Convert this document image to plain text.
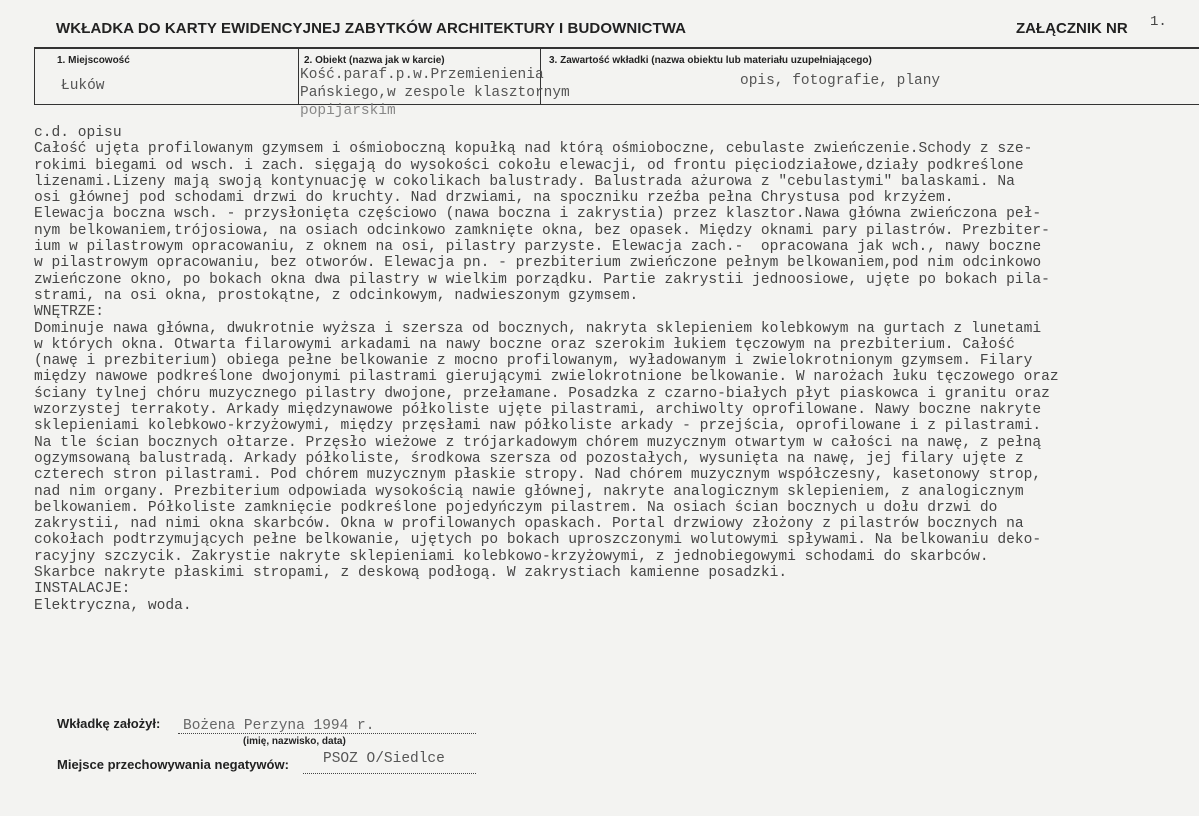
WKŁADKA DO KARTY EWIDENCYJNEJ ZABYTKÓW ARCHITEKTURY I BUDOWNICTWA	ZAŁĄCZNIK NR 1.
1. Miejscowość
Łuków
2. Obiekt (nazwa jak w karcie)
Kość.paraf.p.w.Przemienienia
Pańskiego,w zespole klasztornym
popijarskim
3. Zawartość wkładki (nazwa obiektu lub materiału uzupełniającego)
opis, fotografie, plany
c.d. opisu
Całość ujęta profilowanym gzymsem i ośmioboczną kopułką nad którą ośmioboczne, cebulaste zwieńczenie.Schody z sze-
rokimi biegami od wsch. i zach. sięgają do wysokości cokołu elewacji, od frontu pięciodziałowe,działy podkreślone
lizenami.Lizeny mają swoją kontynuację w cokolikach balustrady. Balustrada ażurowa z "cebulastymi" balaskami. Na
osi głównej pod schodami drzwi do kruchty. Nad drzwiami, na spoczniku rzeźba pełna Chrystusa pod krzyżem.
Elewacja boczna wsch. - przysłonięta częściowo (nawa boczna i zakrystia) przez klasztor.Nawa główna zwieńczona peł-
nym belkowaniem,trójosiowa, na osiach odcinkowo zamknięte okna, bez opasek. Między oknami pary pilastrów. Prezbiter-
ium w pilastrowym opracowaniu, z oknem na osi, pilastry parzyste. Elewacja zach.-  opracowana jak wch., nawy boczne
w pilastrowym opracowaniu, bez otworów. Elewacja pn. - prezbiterium zwieńczone pełnym belkowaniem,pod nim odcinkowo
zwieńczone okno, po bokach okna dwa pilastry w wielkim porządku. Partie zakrystii jednoosiowe, ujęte po bokach pila-
strami, na osi okna, prostokątne, z odcinkowym, nadwieszonym gzymsem.
WNĘTRZE:
Dominuje nawa główna, dwukrotnie wyższa i szersza od bocznych, nakryta sklepieniem kolebkowym na gurtach z lunetami
w których okna. Otwarta filarowymi arkadami na nawy boczne oraz szerokim łukiem tęczowym na prezbiterium. Całość
(nawę i prezbiterium) obiega pełne belkowanie z mocno profilowanym, wyładowanym i zwielokrotnionym gzymsem. Filary
między nawowe podkreślone dwojonymi pilastrami gierującymi zwielokrotnione belkowanie. W narożach łuku tęczowego oraz
ściany tylnej chóru muzycznego pilastry dwojone, przełamane. Posadzka z czarno-białych płyt piaskowca i granitu oraz
wzorzystej terrakoty. Arkady międzynawowe półkoliste ujęte pilastrami, archiwolty oprofilowane. Nawy boczne nakryte
sklepieniami kolebkowo-krzyżowymi, między przęsłami naw półkoliste arkady - przejścia, oprofilowane i z pilastrami.
Na tle ścian bocznych ołtarze. Przęsło wieżowe z trójarkadowym chórem muzycznym otwartym w całości na nawę, z pełną
ogzymsowaną balustradą. Arkady półkoliste, środkowa szersza od pozostałych, wysunięta na nawę, jej filary ujęte z
czterech stron pilastrami. Pod chórem muzycznym płaskie stropy. Nad chórem muzycznym współczesny, kasetonowy strop,
nad nim organy. Prezbiterium odpowiada wysokością nawie głównej, nakryte analogicznym sklepieniem, z analogicznym
belkowaniem. Półkoliste zamknięcie podkreślone pojedyńczym pilastrem. Na osiach ścian bocznych u dołu drzwi do
zakrystii, nad nimi okna skarbców. Okna w profilowanych opaskach. Portal drzwiowy złożony z pilastrów bocznych na
cokołach podtrzymujących pełne belkowanie, ujętych po bokach uproszczonymi wolutowymi spływami. Na belkowaniu deko-
racyjny szczycik. Zakrystie nakryte sklepieniami kolebkowo-krzyżowymi, z jednobiegowymi schodami do skarbców.
Skarbce nakryte płaskimi stropami, z deskową podłogą. W zakrystiach kamienne posadzki.
INSTALACJE:
Elektryczna, woda.

Wkładkę założył: Bożena Perzyna 1994 r.
(imię, nazwisko, data)
Miejsce przechowywania negatywów: PSOZ O/Siedlce
